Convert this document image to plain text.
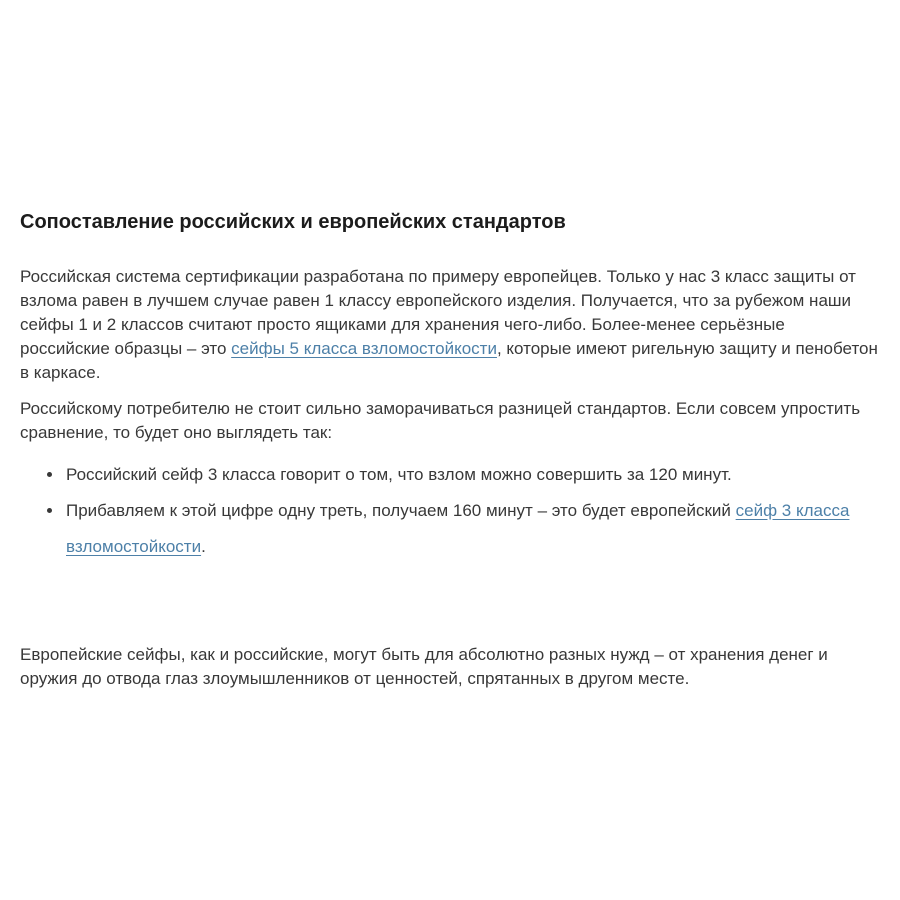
Сопоставление российских и европейских стандартов

Российская система сертификации разработана по примеру европейцев. Только у нас 3 класс защиты от взлома равен в лучшем случае равен 1 классу европейского изделия. Получается, что за рубежом наши сейфы 1 и 2 классов считают просто ящиками для хранения чего-либо. Более-менее серьёзные российские образцы – это сейфы 5 класса взломостойкости, которые имеют ригельную защиту и пенобетон в каркасе.

Российскому потребителю не стоит сильно заморачиваться разницей стандартов. Если совсем упростить сравнение, то будет оно выглядеть так:

• Российский сейф 3 класса говорит о том, что взлом можно совершить за 120 минут.
• Прибавляем к этой цифре одну треть, получаем 160 минут – это будет европейский сейф 3 класса взломостойкости.

Европейские сейфы, как и российские, могут быть для абсолютно разных нужд – от хранения денег и оружия до отвода глаз злоумышленников от ценностей, спрятанных в другом месте.
